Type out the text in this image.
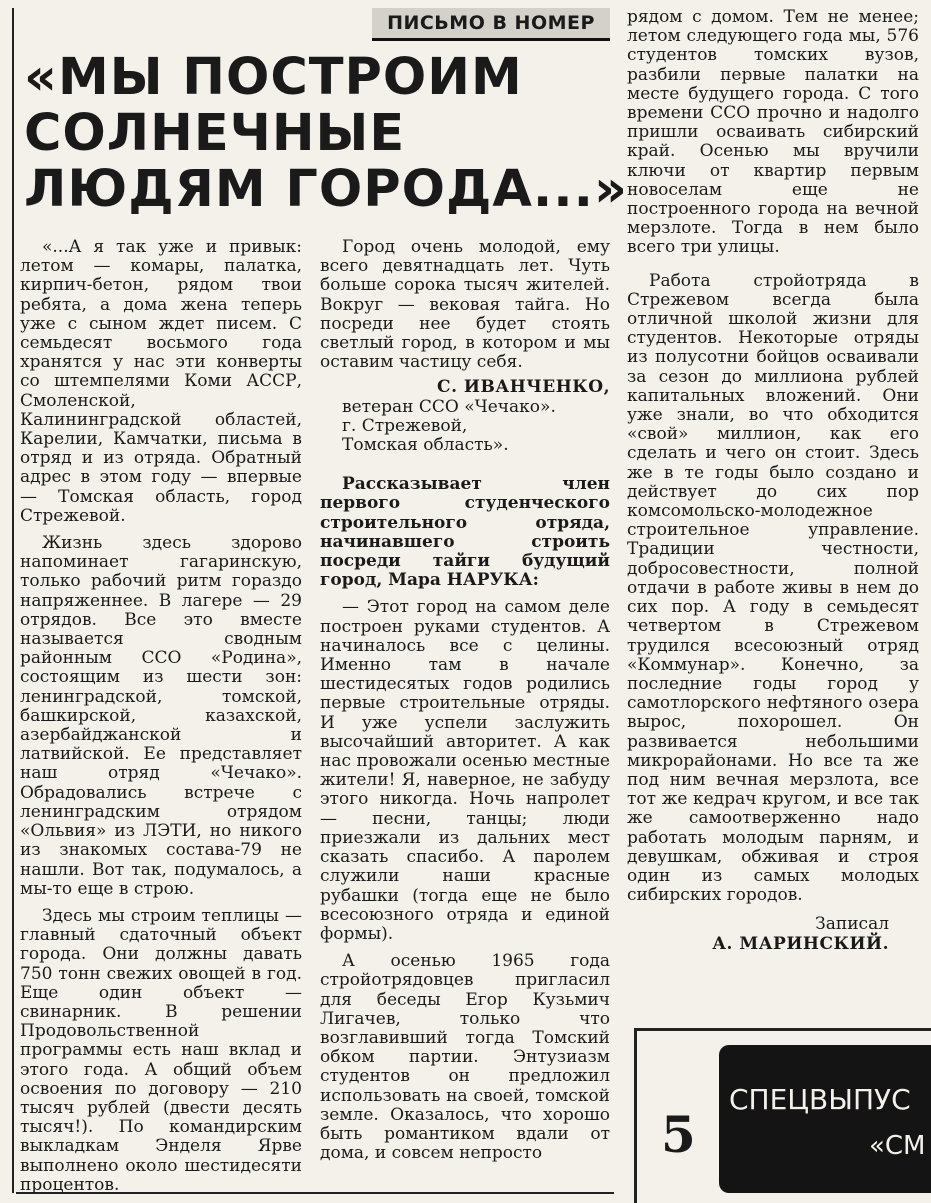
ПИСЬМО В НОМЕР
«МЫ ПОСТРОИМ
СОЛНЕЧНЫЕ
ЛЮДЯМ ГОРОДА...»

«...А я так уже и привык: летом — комары, палатка, кирпич-бетон, рядом твои ребята, а дома жена теперь уже с сыном ждет писем. С семьдесят восьмого года хранятся у нас эти конверты со штемпелями Коми АССР, Смоленской, Калининградской областей, Карелии, Камчатки, письма в отряд и из отряда. Обратный адрес в этом году — впервые — Томская область, город Стрежевой.

Жизнь здесь здорово напоминает гагаринскую, только рабочий ритм гораздо напряженнее. В лагере — 29 отрядов. Все это вместе называется сводным районным ССО «Родина», состоящим из шести зон: ленинградской, томской, башкирской, казахской, азербайджанской и латвийской. Ее представляет наш отряд «Чечако». Обрадовались встрече с ленинградским отрядом «Ольвия» из ЛЭТИ, но никого из знакомых состава-79 не нашли. Вот так, подумалось, а мы-то еще в строю.

Здесь мы строим теплицы — главный сдаточный объект города. Они должны давать 750 тонн свежих овощей в год. Еще один объект — свинарник. В решении Продовольственной программы есть наш вклад и этого года. А общий объем освоения по договору — 210 тысяч рублей (двести десять тысяч!). По командирским выкладкам Энделя Ярве выполнено около шестидесяти процентов.

Город очень молодой, ему всего девятнадцать лет. Чуть больше сорока тысяч жителей. Вокруг — вековая тайга. Но посреди нее будет стоять светлый город, в котором и мы оставим частицу себя.

С. ИВАНЧЕНКО,
ветеран ССО «Чечако».
г. Стрежевой,
Томская область».

Рассказывает член первого студенческого строительного отряда, начинавшего строить посреди тайги будущий город, Мара НАРУКА:

— Этот город на самом деле построен руками студентов. А начиналось все с целины. Именно там в начале шестидесятых годов родились первые строительные отряды. И уже успели заслужить высочайший авторитет. А как нас провожали осенью местные жители! Я, наверное, не забуду этого никогда. Ночь напролет — песни, танцы; люди приезжали из дальних мест сказать спасибо. А паролем служили наши красные рубашки (тогда еще не было всесоюзного отряда и единой формы).

А осенью 1965 года стройотрядовцев пригласил для беседы Егор Кузьмич Лигачев, только что возглавивший тогда Томский обком партии. Энтузиазм студентов он предложил использовать на своей, томской земле. Оказалось, что хорошо быть романтиком вдали от дома, и совсем непросто

рядом с домом. Тем не менее; летом следующего года мы, 576 студентов томских вузов, разбили первые палатки на месте будущего города. С того времени ССО прочно и надолго пришли осваивать сибирский край. Осенью мы вручили ключи от квартир первым новоселам еще не построенного города на вечной мерзлоте. Тогда в нем было всего три улицы.

Работа стройотряда в Стрежевом всегда была отличной школой жизни для студентов. Некоторые отряды из полусотни бойцов осваивали за сезон до миллиона рублей капитальных вложений. Они уже знали, во что обходится «свой» миллион, как его сделать и чего он стоит. Здесь же в те годы было создано и действует до сих пор комсомольско-молодежное строительное управление. Традиции честности, добросовестности, полной отдачи в работе живы в нем до сих пор. А году в семьдесят четвертом в Стрежевом трудился всесоюзный отряд «Коммунар». Конечно, за последние годы город у самотлорского нефтяного озера вырос, похорошел. Он развивается небольшими микрорайонами. Но все та же под ним вечная мерзлота, все тот же кедрач кругом, и все так же самоотверженно надо работать молодым парням, и девушкам, обживая и строя один из самых молодых сибирских городов.

Записал
А. МАРИНСКИЙ.

5
СПЕЦВЫПУС
«СМ
